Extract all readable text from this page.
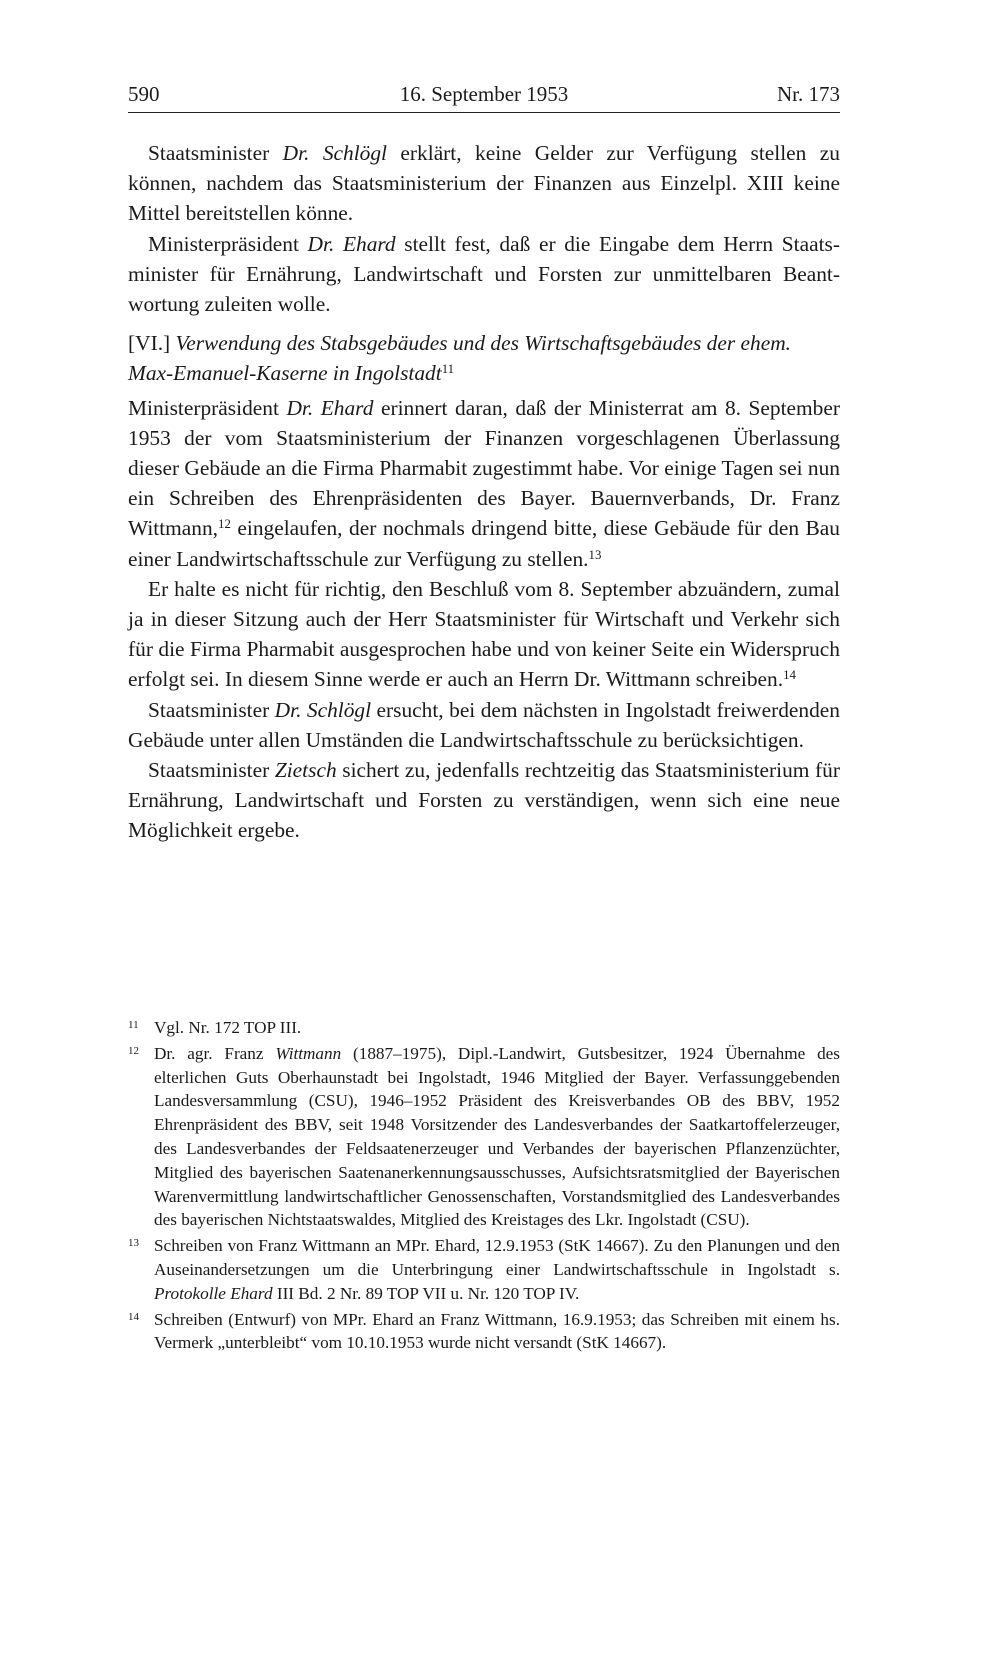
590	16. September 1953	Nr. 173

Staatsminister Dr. Schlögl erklärt, keine Gelder zur Verfügung stellen zu können, nachdem das Staatsministerium der Finanzen aus Einzelpl. XIII keine Mittel bereitstellen könne.

Ministerpräsident Dr. Ehard stellt fest, daß er die Eingabe dem Herrn Staatsminister für Ernährung, Landwirtschaft und Forsten zur unmittelbaren Beantwortung zuleiten wolle.

[VI.] Verwendung des Stabsgebäudes und des Wirtschaftsgebäudes der ehem. Max-Emanuel-Kaserne in Ingolstadt$^{11}$

Ministerpräsident Dr. Ehard erinnert daran, daß der Ministerrat am 8. September 1953 der vom Staatsministerium der Finanzen vorgeschlagenen Überlassung dieser Gebäude an die Firma Pharmabit zugestimmt habe. Vor einige Tagen sei nun ein Schreiben des Ehrenpräsidenten des Bayer. Bauernverbands, Dr. Franz Wittmann,$^{12}$ eingelaufen, der nochmals dringend bitte, diese Gebäude für den Bau einer Landwirtschaftsschule zur Verfügung zu stellen.$^{13}$

Er halte es nicht für richtig, den Beschluß vom 8. September abzuändern, zumal ja in dieser Sitzung auch der Herr Staatsminister für Wirtschaft und Verkehr sich für die Firma Pharmabit ausgesprochen habe und von keiner Seite ein Widerspruch erfolgt sei. In diesem Sinne werde er auch an Herrn Dr. Wittmann schreiben.$^{14}$

Staatsminister Dr. Schlögl ersucht, bei dem nächsten in Ingolstadt freiwerdenden Gebäude unter allen Umständen die Landwirtschaftsschule zu berücksichtigen.

Staatsminister Zietsch sichert zu, jedenfalls rechtzeitig das Staatsministerium für Ernährung, Landwirtschaft und Forsten zu verständigen, wenn sich eine neue Möglichkeit ergebe.

11 Vgl. Nr. 172 TOP III.
12 Dr. agr. Franz Wittmann (1887–1975), Dipl.-Landwirt, Gutsbesitzer, 1924 Übernahme des elterlichen Guts Oberhaunstadt bei Ingolstadt, 1946 Mitglied der Bayer. Verfassunggebenden Landesversammlung (CSU), 1946–1952 Präsident des Kreisverbandes OB des BBV, 1952 Ehrenpräsident des BBV, seit 1948 Vorsitzender des Landesverbandes der Saatkartoffelerzeuger, des Landesverbandes der Feldsaatenerzeuger und Verbandes der bayerischen Pflanzenzüchter, Mitglied des bayerischen Saatenanerkennungsausschusses, Aufsichtsratsmitglied der Bayerischen Warenvermittlung landwirtschaftlicher Genossenschaften, Vorstandsmitglied des Landesverbandes des bayerischen Nichtstaatswaldes, Mitglied des Kreistages des Lkr. Ingolstadt (CSU).
13 Schreiben von Franz Wittmann an MPr. Ehard, 12.9.1953 (StK 14667). Zu den Planungen und den Auseinandersetzungen um die Unterbringung einer Landwirtschaftsschule in Ingolstadt s. Protokolle Ehard III Bd. 2 Nr. 89 TOP VII u. Nr. 120 TOP IV.
14 Schreiben (Entwurf) von MPr. Ehard an Franz Wittmann, 16.9.1953; das Schreiben mit einem hs. Vermerk „unterbleibt“ vom 10.10.1953 wurde nicht versandt (StK 14667).
